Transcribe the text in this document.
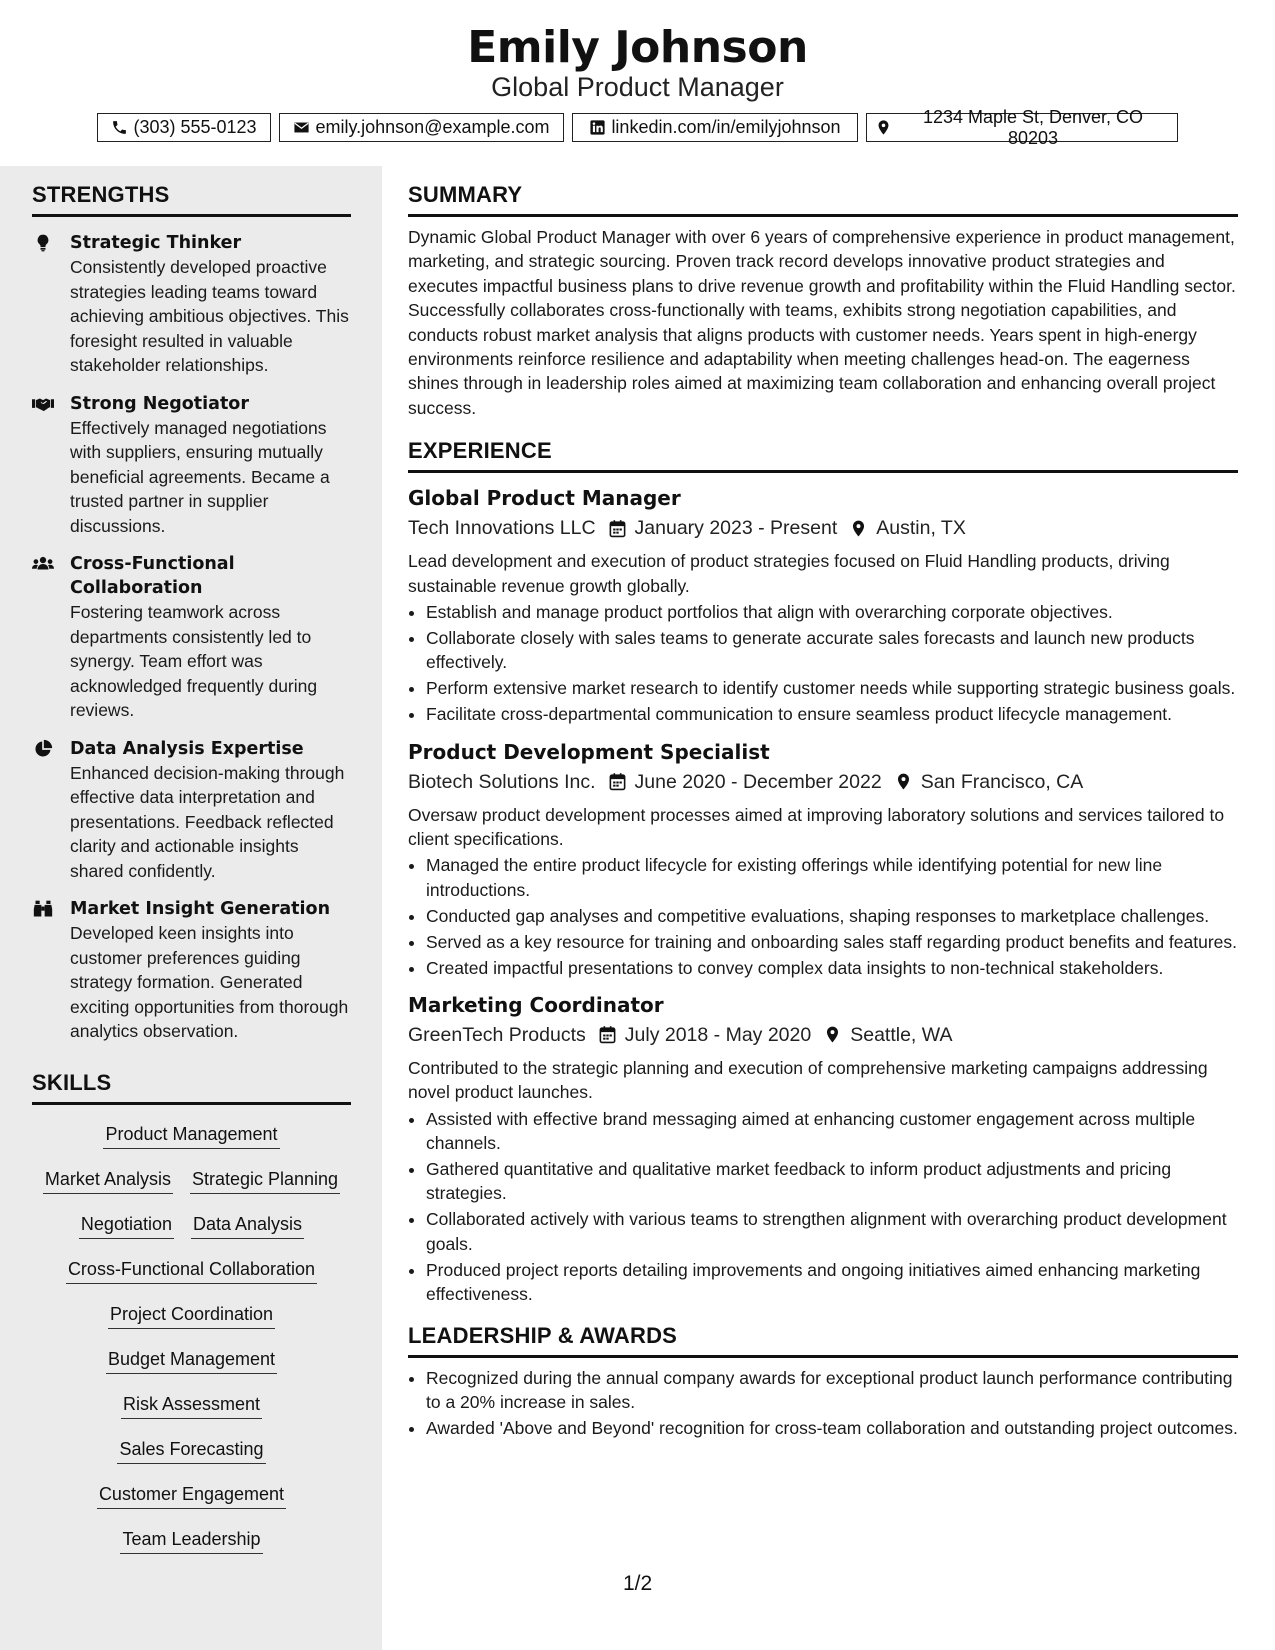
Emily Johnson
Global Product Manager
(303) 555-0123	emily.johnson@example.com	linkedin.com/in/emilyjohnson
1234 Maple St, Denver, CO 80203
STRENGTHS
Strategic Thinker
Consistently developed proactive strategies leading teams toward achieving ambitious objectives. This foresight resulted in valuable stakeholder relationships.
Strong Negotiator
Effectively managed negotiations with suppliers, ensuring mutually beneficial agreements. Became a trusted partner in supplier discussions.
Cross-Functional Collaboration
Fostering teamwork across departments consistently led to synergy. Team effort was acknowledged frequently during reviews.
Data Analysis Expertise
Enhanced decision-making through effective data interpretation and presentations. Feedback reflected clarity and actionable insights shared confidently.
Market Insight Generation
Developed keen insights into customer preferences guiding strategy formation. Generated exciting opportunities from thorough analytics observation.
SKILLS
Product Management
Market Analysis Strategic Planning
Negotiation Data Analysis
Cross-Functional Collaboration
Project Coordination
Budget Management
Risk Assessment
Sales Forecasting
Customer Engagement
Team Leadership
SUMMARY
Dynamic Global Product Manager with over 6 years of comprehensive experience in product management, marketing, and strategic sourcing. Proven track record develops innovative product strategies and executes impactful business plans to drive revenue growth and profitability within the Fluid Handling sector. Successfully collaborates cross-functionally with teams, exhibits strong negotiation capabilities, and conducts robust market analysis that aligns products with customer needs. Years spent in high-energy environments reinforce resilience and adaptability when meeting challenges head-on. The eagerness shines through in leadership roles aimed at maximizing team collaboration and enhancing overall project success.
EXPERIENCE
Global Product Manager
Tech Innovations LLC January 2023 - Present Austin, TX
Lead development and execution of product strategies focused on Fluid Handling products, driving sustainable revenue growth globally.
• Establish and manage product portfolios that align with overarching corporate objectives.
• Collaborate closely with sales teams to generate accurate sales forecasts and launch new products effectively.
• Perform extensive market research to identify customer needs while supporting strategic business goals.
• Facilitate cross-departmental communication to ensure seamless product lifecycle management.
Product Development Specialist
Biotech Solutions Inc. June 2020 - December 2022 San Francisco, CA
Oversaw product development processes aimed at improving laboratory solutions and services tailored to client specifications.
• Managed the entire product lifecycle for existing offerings while identifying potential for new line introductions.
• Conducted gap analyses and competitive evaluations, shaping responses to marketplace challenges.
• Served as a key resource for training and onboarding sales staff regarding product benefits and features.
• Created impactful presentations to convey complex data insights to non-technical stakeholders.
Marketing Coordinator
GreenTech Products July 2018 - May 2020 Seattle, WA
Contributed to the strategic planning and execution of comprehensive marketing campaigns addressing novel product launches.
• Assisted with effective brand messaging aimed at enhancing customer engagement across multiple channels.
• Gathered quantitative and qualitative market feedback to inform product adjustments and pricing strategies.
• Collaborated actively with various teams to strengthen alignment with overarching product development goals.
• Produced project reports detailing improvements and ongoing initiatives aimed enhancing marketing effectiveness.
LEADERSHIP & AWARDS
• Recognized during the annual company awards for exceptional product launch performance contributing to a 20% increase in sales.
• Awarded 'Above and Beyond' recognition for cross-team collaboration and outstanding project outcomes.
1/2
